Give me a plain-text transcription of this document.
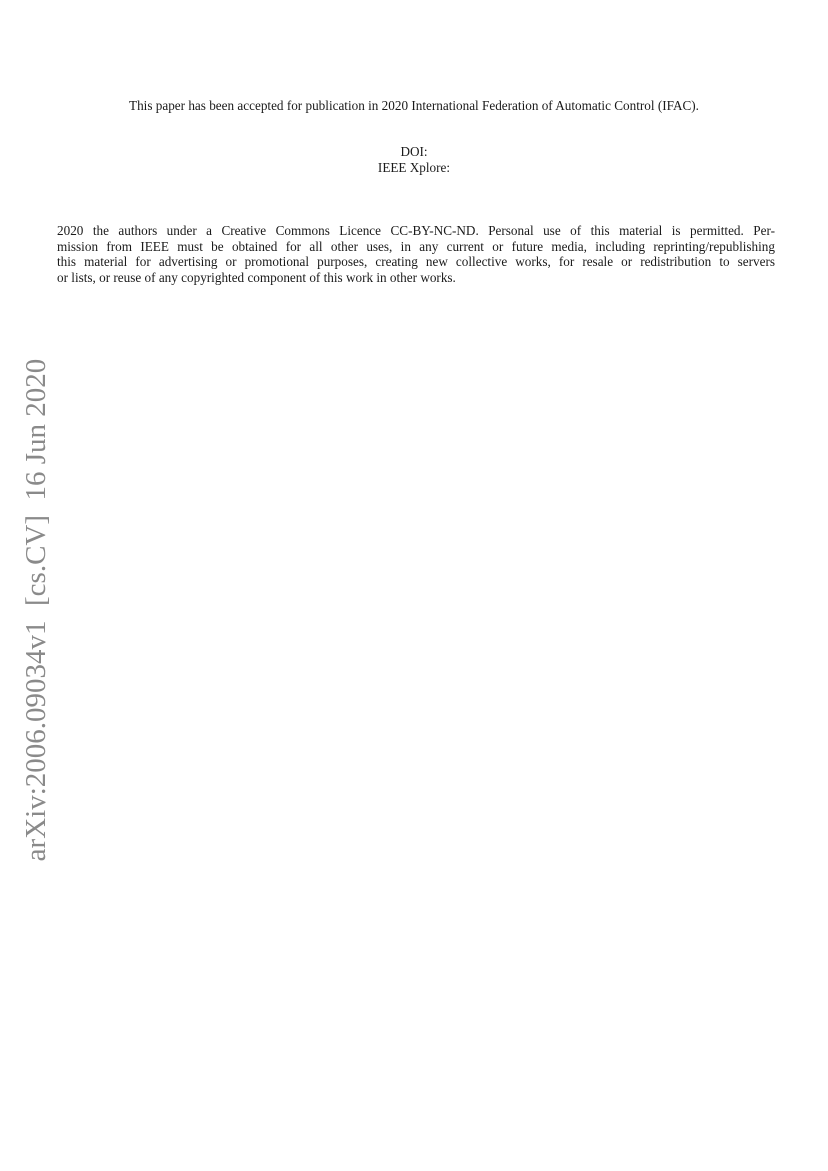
This paper has been accepted for publication in 2020 International Federation of Automatic Control (IFAC).
DOI:
IEEE Xplore:
2020 the authors under a Creative Commons Licence CC-BY-NC-ND. Personal use of this material is permitted. Per-
mission from IEEE must be obtained for all other uses, in any current or future media, including reprinting/republishing
this material for advertising or promotional purposes, creating new collective works, for resale or redistribution to servers
or lists, or reuse of any copyrighted component of this work in other works.
arXiv:2006.09034v1  [cs.CV]  16 Jun 2020
